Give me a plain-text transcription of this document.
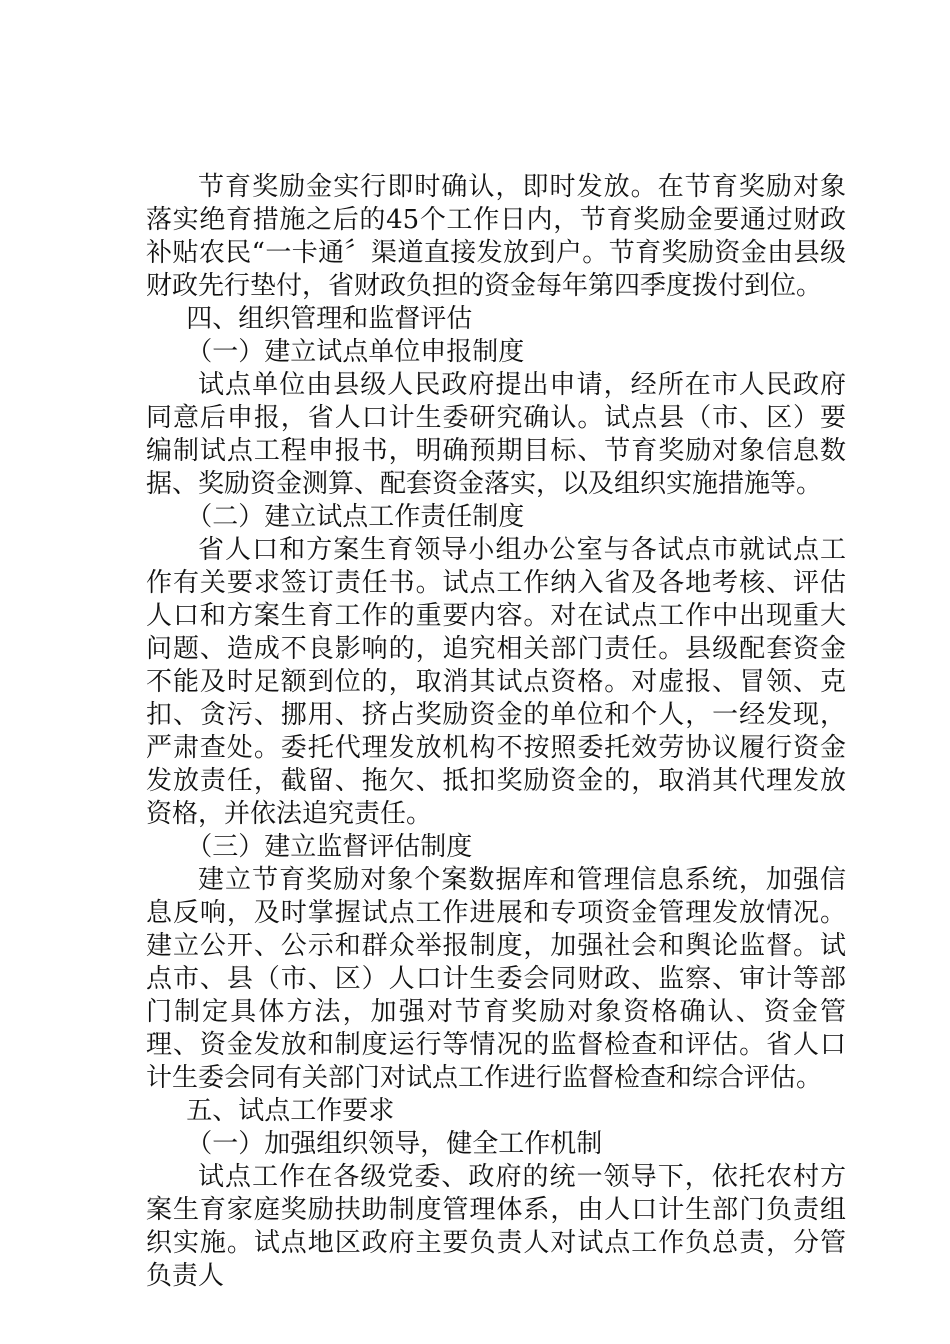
节育奖励金实行即时确认，即时发放。在节育奖励对象落实绝育措施之后的45个工作日内，节育奖励金要通过财政补贴农民“一卡通〞渠道直接发放到户。节育奖励资金由县级财政先行垫付，省财政负担的资金每年第四季度拨付到位。

四、组织管理和监督评估

（一）建立试点单位申报制度

试点单位由县级人民政府提出申请，经所在市人民政府同意后申报，省人口计生委研究确认。试点县（市、区）要编制试点工程申报书，明确预期目标、节育奖励对象信息数据、奖励资金测算、配套资金落实，以及组织实施措施等。

（二）建立试点工作责任制度

省人口和方案生育领导小组办公室与各试点市就试点工作有关要求签订责任书。试点工作纳入省及各地考核、评估人口和方案生育工作的重要内容。对在试点工作中出现重大问题、造成不良影响的，追究相关部门责任。县级配套资金不能及时足额到位的，取消其试点资格。对虚报、冒领、克扣、贪污、挪用、挤占奖励资金的单位和个人，一经发现，严肃查处。委托代理发放机构不按照委托效劳协议履行资金发放责任，截留、拖欠、抵扣奖励资金的，取消其代理发放资格，并依法追究责任。

（三）建立监督评估制度

建立节育奖励对象个案数据库和管理信息系统，加强信息反响，及时掌握试点工作进展和专项资金管理发放情况。建立公开、公示和群众举报制度，加强社会和舆论监督。试点市、县（市、区）人口计生委会同财政、监察、审计等部门制定具体方法，加强对节育奖励对象资格确认、资金管理、资金发放和制度运行等情况的监督检查和评估。省人口计生委会同有关部门对试点工作进行监督检查和综合评估。

五、试点工作要求

（一）加强组织领导，健全工作机制

试点工作在各级党委、政府的统一领导下，依托农村方案生育家庭奖励扶助制度管理体系，由人口计生部门负责组织实施。试点地区政府主要负责人对试点工作负总责，分管负责人
